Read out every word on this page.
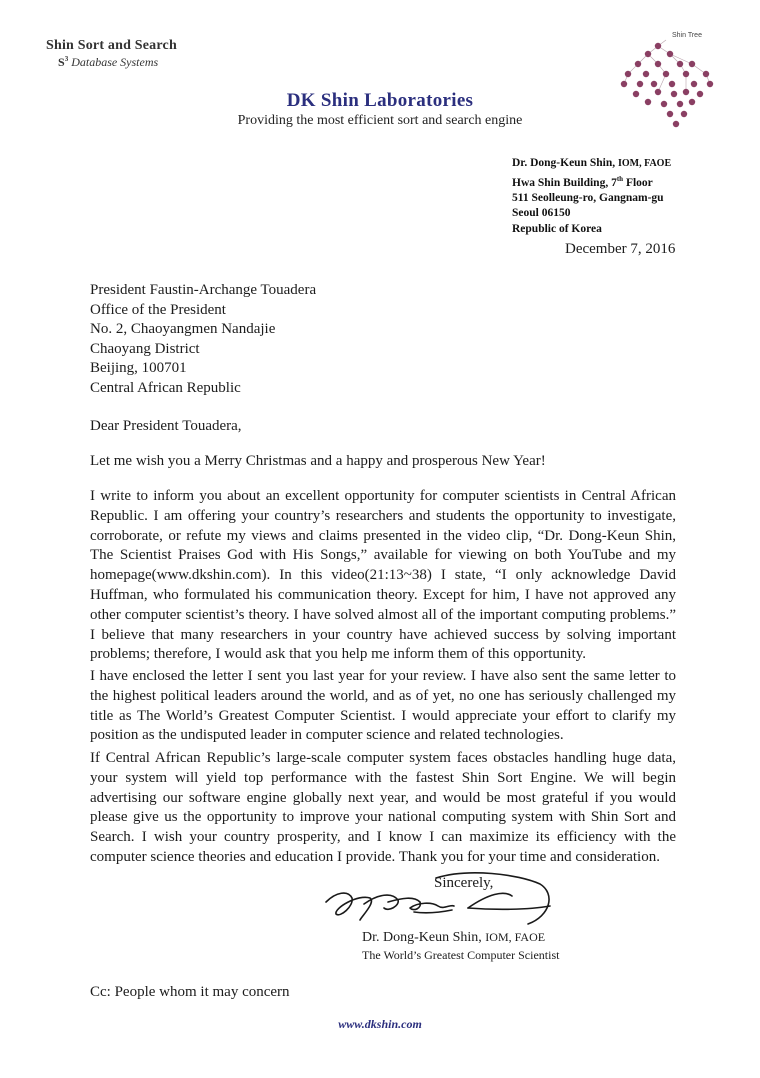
Shin Sort and Search
$S^3$ Database Systems
DK Shin Laboratories
Providing the most efficient sort and search engine
Shin Tree
Dr. Dong-Keun Shin, IOM, FAOE
Hwa Shin Building, 7th Floor
511 Seolleung-ro, Gangnam-gu
Seoul 06150
Republic of Korea
December 7, 2016
President Faustin-Archange Touadera
Office of the President
No. 2, Chaoyangmen Nandajie
Chaoyang District
Beijing, 100701
Central African Republic
Dear President Touadera,
Let me wish you a Merry Christmas and a happy and prosperous New Year!
I write to inform you about an excellent opportunity for computer scientists in Central African Republic. I am offering your country’s researchers and students the opportunity to investigate, corroborate, or refute my views and claims presented in the video clip, “Dr. Dong-Keun Shin, The Scientist Praises God with His Songs,” available for viewing on both YouTube and my homepage(www.dkshin.com). In this video(21:13~38) I state, “I only acknowledge David Huffman, who formulated his communication theory. Except for him, I have not approved any other computer scientist’s theory. I have solved almost all of the important computing problems.” I believe that many researchers in your country have achieved success by solving important problems; therefore, I would ask that you help me inform them of this opportunity.
I have enclosed the letter I sent you last year for your review. I have also sent the same letter to the highest political leaders around the world, and as of yet, no one has seriously challenged my title as The World’s Greatest Computer Scientist. I would appreciate your effort to clarify my position as the undisputed leader in computer science and related technologies.
If Central African Republic’s large-scale computer system faces obstacles handling huge data, your system will yield top performance with the fastest Shin Sort Engine. We will begin advertising our software engine globally next year, and would be most grateful if you would please give us the opportunity to improve your national computing system with Shin Sort and Search. I wish your country prosperity, and I know I can maximize its efficiency with the computer science theories and education I provide. Thank you for your time and consideration.
Sincerely,
Dr. Dong-Keun Shin, IOM, FAOE
The World’s Greatest Computer Scientist
Cc: People whom it may concern
www.dkshin.com
